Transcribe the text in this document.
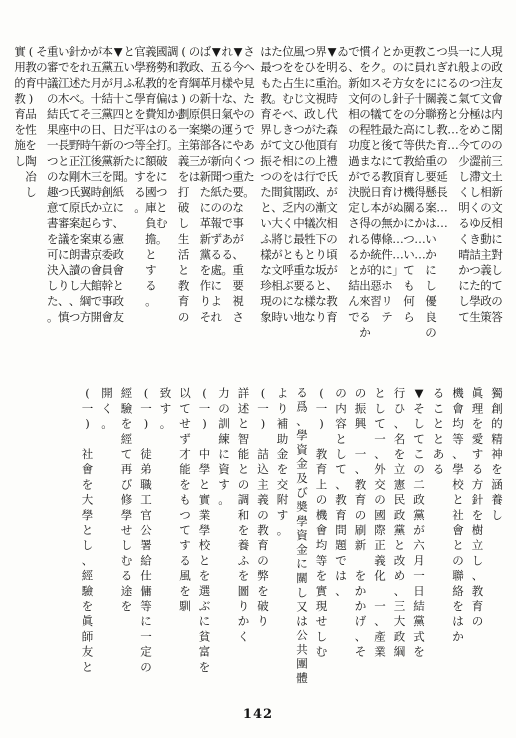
現政友會内閣の三土新文相に對しての答
人の注文はこの前文相の反動主義的政策
によつて極めて澀滯しくゆき詰つた學生
一般の氣分を今少しく明るく晴かにして
呉れること… …
つぎに義務教育の延長… …
これに關聯した重要懸案はいかにし優良の
教員を十分に供給し得るか… …
更に女子の高等教育機關についても何ら
かの方針をたてて頂けぬか… …」
と。そして最後に教育が無條件にホリテ
イクスの犠牲となる日本の傳統的惡習
慣を如何の程度まで脱し得るかが出來るか
で、新文相の功過が決定されると結んで
ゐる。
▼明治時代森有禮氏が文相の頃が、教育
界を重視した頂上で、漸次下り坂となり
つひに文政が他の行政の犠牲となる樣な
風を生じ、つひには閣内中最も重要な地
位を占むべき文相を貧乏くじと呼ぶにい
たつた。そしてその間、大將が文相の時
は最も教育界が振つたといふ樣な珍現象
さへ見たのであつた。
▼今や、やうやく重要な事が、重要視さ
れる樣な氣運に向つたのである。
▼五月十日の各新聞紙の報ずる處によれ
ば、革新倶樂部が新たに革新黨を作りそ
の政綱の原案第三は
(教育)劃一主義を打破し生活と教育の
調和をはかる。
國勢的偏知の打破につとむ。
義務教育費は全額を國庫負擔とする。
官學私學を平等にする。
といふことだつた。
▼五月十四日の新聞紙に、憲政會と政友
本黨が結黨、新黨を創立する委員幹事會
が五月十三日午後三時から東京會館で開
かれた。その時江木翼氏起案書の大綱方
針を述べて中野正剛氏原案を朗讀し、つ
いで江木氏座長となつて審議に入り、慎
重審議の結果一つの趣意書を可決した。
その中
(教育)品性を陶冶し
實用的教育を施し
獨創的精神を涵養し
眞理を愛する方針を樹立し、教育の
機會均等、學校と社會との聯絡をはか
ることとある
▼そしてこの二政黨が六月一日結黨式を
行ひ、名を立憲民政黨と改め、三大政綱
として一、外交の國際正義化 一、產業
の振興 一、教育の刷新 をかかげ、そ
の内容として、教育問題では、
(一) 教育上の機會均等を實現せしむ
る爲、學資金及び奬學資金に關し又は公共團體
より補助金を交附す。
(一) 詰込主義の教育の弊を破り
詳述と智能との調和を養ふを圖りかく
力の訓練に資す。
(一) 中學と實業學校とを選ぶに貧富を
以てせず才能をもつてする風を馴
致す。
(一) 徒弟職工官公署給仕傭等に一定の
經驗を經て再び修學せしむる途を
開く。
(一) 社會を大學とし、經驗を眞師友と
142
